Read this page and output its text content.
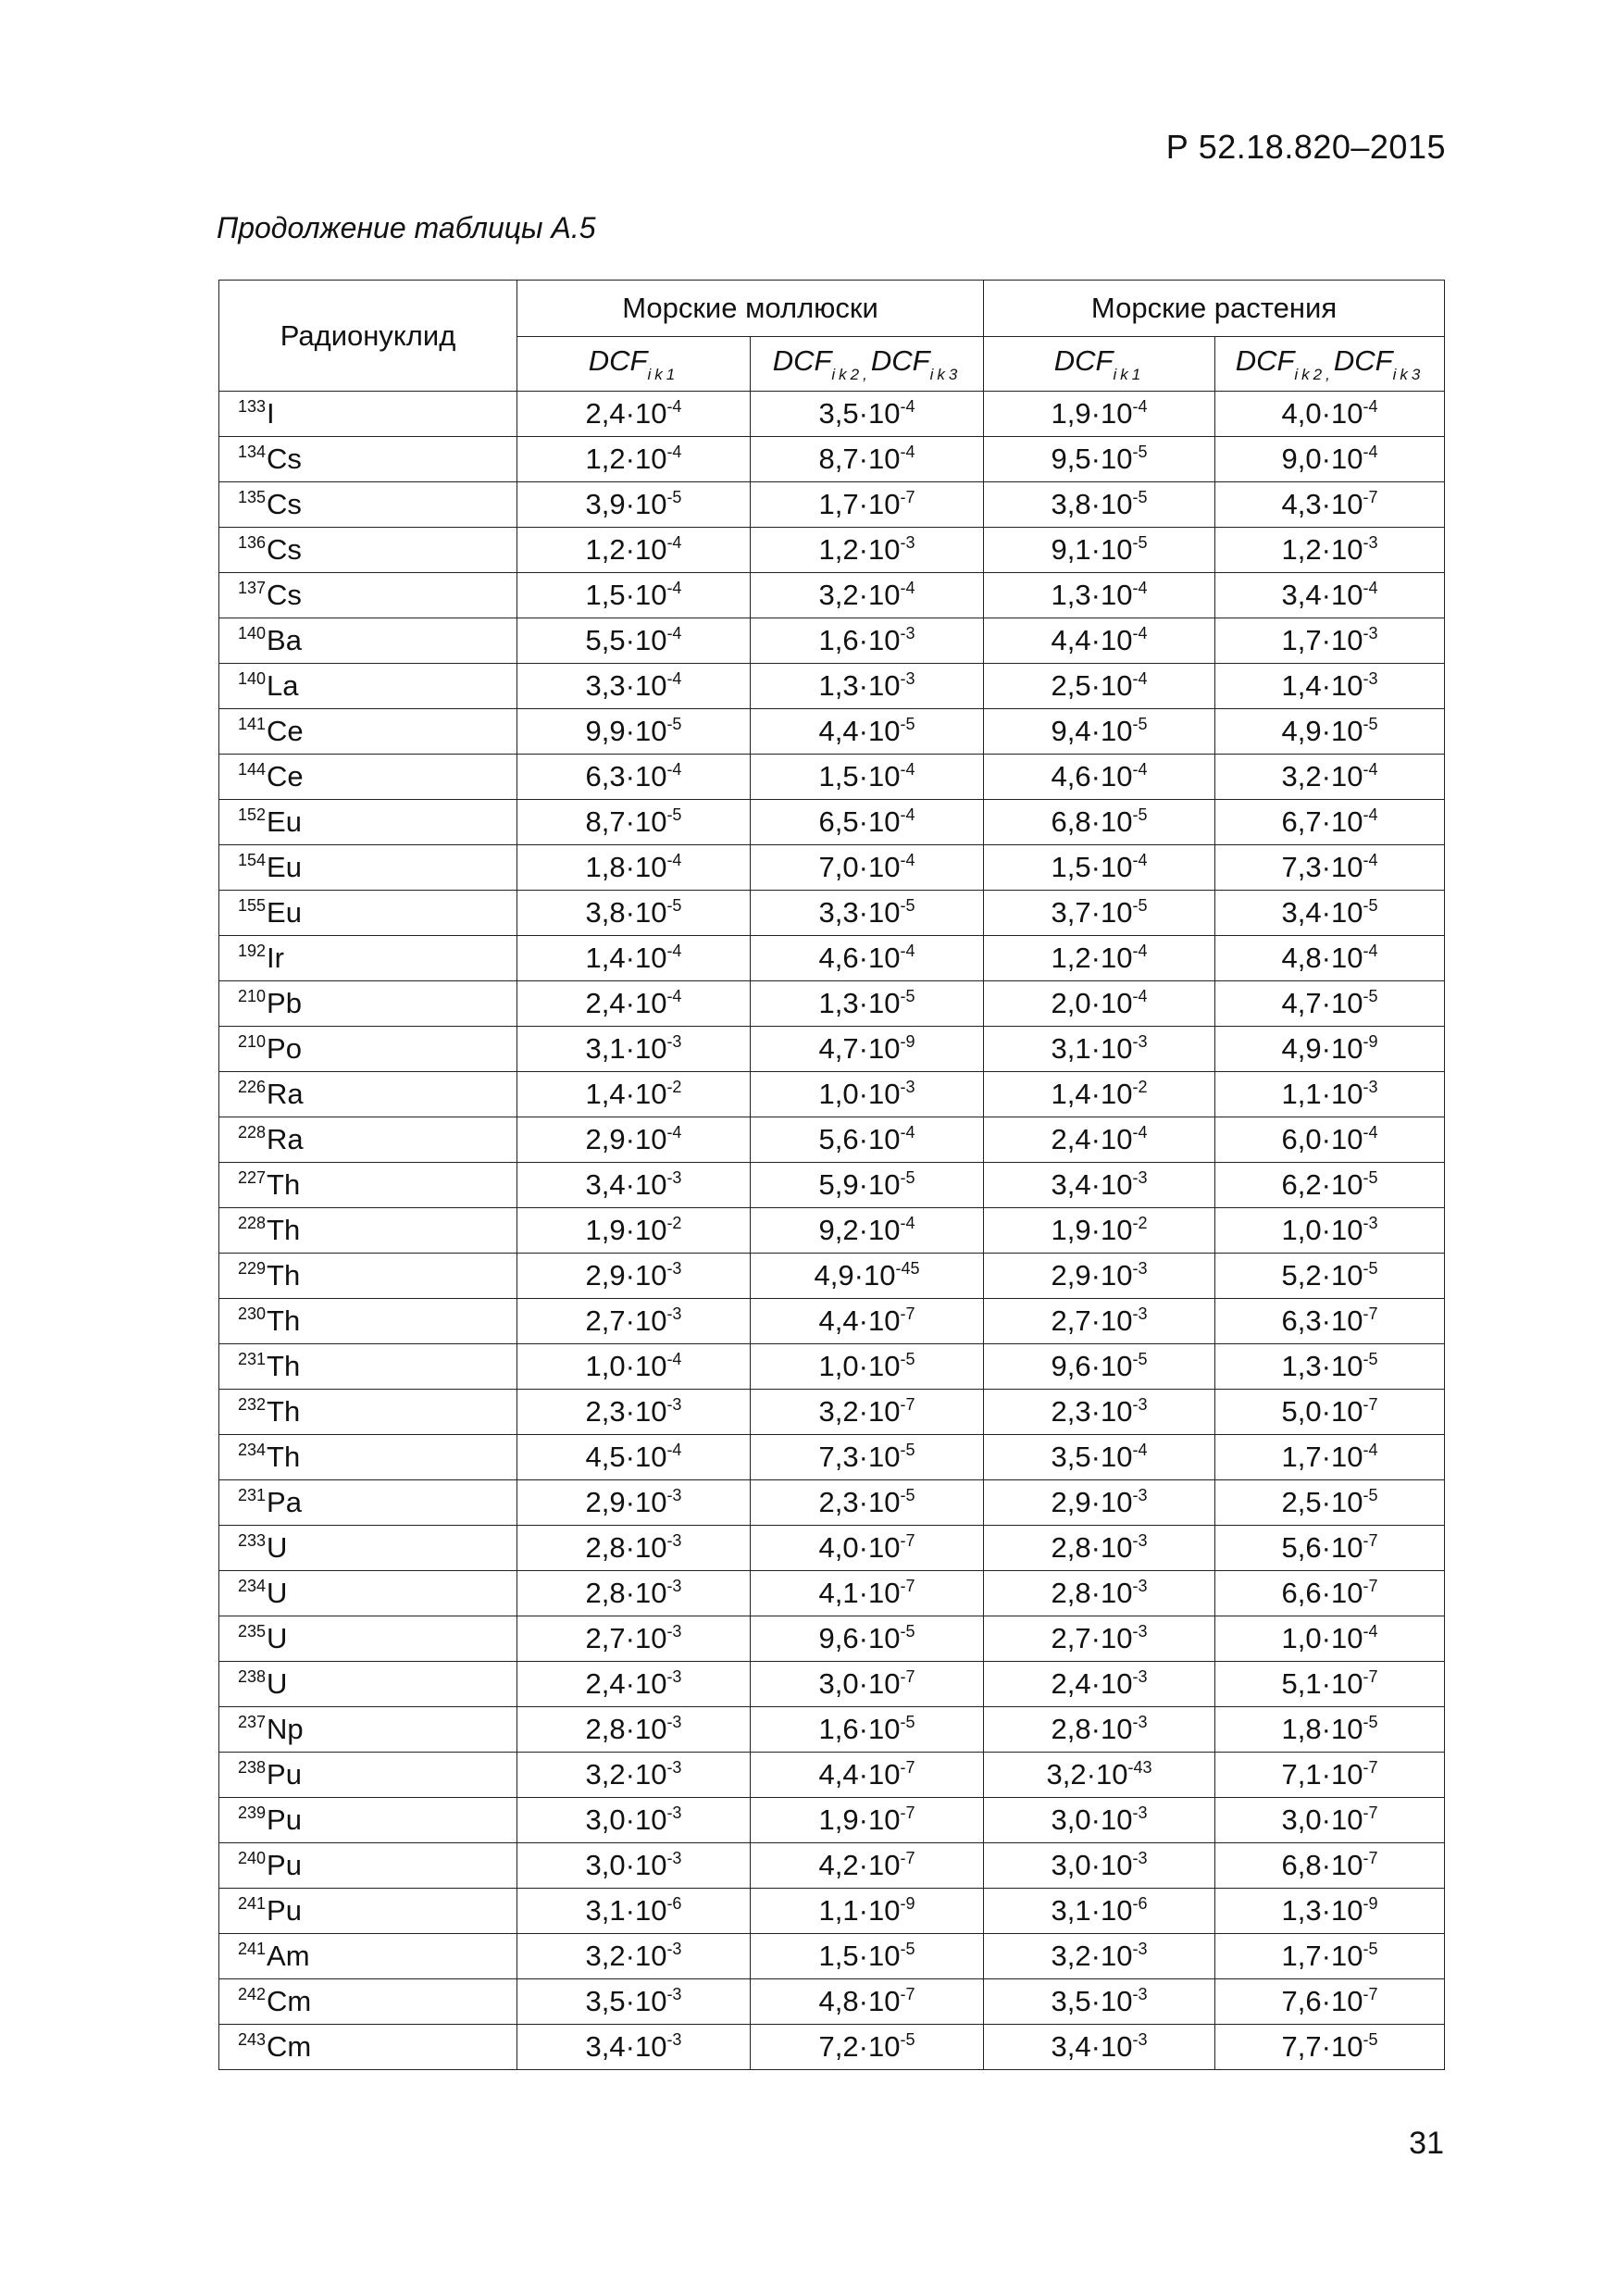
Р 52.18.820–2015
Продолжение таблицы А.5
Радионуклид	Морские моллюски		Морские растения	
	$DCF_{ik1}$	$DCF_{ik2,}DCF_{ik3}$	$DCF_{ik1}$	$DCF_{ik2,}DCF_{ik3}$
$^{133}$I	$2,4\cdot 10^{-4}$	$3,5\cdot 10^{-4}$	$1,9\cdot 10^{-4}$	$4,0\cdot 10^{-4}$
$^{134}$Cs	$1,2\cdot 10^{-4}$	$8,7\cdot 10^{-4}$	$9,5\cdot 10^{-5}$	$9,0\cdot 10^{-4}$
$^{135}$Cs	$3,9\cdot 10^{-5}$	$1,7\cdot 10^{-7}$	$3,8\cdot 10^{-5}$	$4,3\cdot 10^{-7}$
$^{136}$Cs	$1,2\cdot 10^{-4}$	$1,2\cdot 10^{-3}$	$9,1\cdot 10^{-5}$	$1,2\cdot 10^{-3}$
$^{137}$Cs	$1,5\cdot 10^{-4}$	$3,2\cdot 10^{-4}$	$1,3\cdot 10^{-4}$	$3,4\cdot 10^{-4}$
$^{140}$Ba	$5,5\cdot 10^{-4}$	$1,6\cdot 10^{-3}$	$4,4\cdot 10^{-4}$	$1,7\cdot 10^{-3}$
$^{140}$La	$3,3\cdot 10^{-4}$	$1,3\cdot 10^{-3}$	$2,5\cdot 10^{-4}$	$1,4\cdot 10^{-3}$
$^{141}$Ce	$9,9\cdot 10^{-5}$	$4,4\cdot 10^{-5}$	$9,4\cdot 10^{-5}$	$4,9\cdot 10^{-5}$
$^{144}$Ce	$6,3\cdot 10^{-4}$	$1,5\cdot 10^{-4}$	$4,6\cdot 10^{-4}$	$3,2\cdot 10^{-4}$
$^{152}$Eu	$8,7\cdot 10^{-5}$	$6,5\cdot 10^{-4}$	$6,8\cdot 10^{-5}$	$6,7\cdot 10^{-4}$
$^{154}$Eu	$1,8\cdot 10^{-4}$	$7,0\cdot 10^{-4}$	$1,5\cdot 10^{-4}$	$7,3\cdot 10^{-4}$
$^{155}$Eu	$3,8\cdot 10^{-5}$	$3,3\cdot 10^{-5}$	$3,7\cdot 10^{-5}$	$3,4\cdot 10^{-5}$
$^{192}$Ir	$1,4\cdot 10^{-4}$	$4,6\cdot 10^{-4}$	$1,2\cdot 10^{-4}$	$4,8\cdot 10^{-4}$
$^{210}$Pb	$2,4\cdot 10^{-4}$	$1,3\cdot 10^{-5}$	$2,0\cdot 10^{-4}$	$4,7\cdot 10^{-5}$
$^{210}$Po	$3,1\cdot 10^{-3}$	$4,7\cdot 10^{-9}$	$3,1\cdot 10^{-3}$	$4,9\cdot 10^{-9}$
$^{226}$Ra	$1,4\cdot 10^{-2}$	$1,0\cdot 10^{-3}$	$1,4\cdot 10^{-2}$	$1,1\cdot 10^{-3}$
$^{228}$Ra	$2,9\cdot 10^{-4}$	$5,6\cdot 10^{-4}$	$2,4\cdot 10^{-4}$	$6,0\cdot 10^{-4}$
$^{227}$Th	$3,4\cdot 10^{-3}$	$5,9\cdot 10^{-5}$	$3,4\cdot 10^{-3}$	$6,2\cdot 10^{-5}$
$^{228}$Th	$1,9\cdot 10^{-2}$	$9,2\cdot 10^{-4}$	$1,9\cdot 10^{-2}$	$1,0\cdot 10^{-3}$
$^{229}$Th	$2,9\cdot 10^{-3}$	$4,9\cdot 10^{-45}$	$2,9\cdot 10^{-3}$	$5,2\cdot 10^{-5}$
$^{230}$Th	$2,7\cdot 10^{-3}$	$4,4\cdot 10^{-7}$	$2,7\cdot 10^{-3}$	$6,3\cdot 10^{-7}$
$^{231}$Th	$1,0\cdot 10^{-4}$	$1,0\cdot 10^{-5}$	$9,6\cdot 10^{-5}$	$1,3\cdot 10^{-5}$
$^{232}$Th	$2,3\cdot 10^{-3}$	$3,2\cdot 10^{-7}$	$2,3\cdot 10^{-3}$	$5,0\cdot 10^{-7}$
$^{234}$Th	$4,5\cdot 10^{-4}$	$7,3\cdot 10^{-5}$	$3,5\cdot 10^{-4}$	$1,7\cdot 10^{-4}$
$^{231}$Pa	$2,9\cdot 10^{-3}$	$2,3\cdot 10^{-5}$	$2,9\cdot 10^{-3}$	$2,5\cdot 10^{-5}$
$^{233}$U	$2,8\cdot 10^{-3}$	$4,0\cdot 10^{-7}$	$2,8\cdot 10^{-3}$	$5,6\cdot 10^{-7}$
$^{234}$U	$2,8\cdot 10^{-3}$	$4,1\cdot 10^{-7}$	$2,8\cdot 10^{-3}$	$6,6\cdot 10^{-7}$
$^{235}$U	$2,7\cdot 10^{-3}$	$9,6\cdot 10^{-5}$	$2,7\cdot 10^{-3}$	$1,0\cdot 10^{-4}$
$^{238}$U	$2,4\cdot 10^{-3}$	$3,0\cdot 10^{-7}$	$2,4\cdot 10^{-3}$	$5,1\cdot 10^{-7}$
$^{237}$Np	$2,8\cdot 10^{-3}$	$1,6\cdot 10^{-5}$	$2,8\cdot 10^{-3}$	$1,8\cdot 10^{-5}$
$^{238}$Pu	$3,2\cdot 10^{-3}$	$4,4\cdot 10^{-7}$	$3,2\cdot 10^{-43}$	$7,1\cdot 10^{-7}$
$^{239}$Pu	$3,0\cdot 10^{-3}$	$1,9\cdot 10^{-7}$	$3,0\cdot 10^{-3}$	$3,0\cdot 10^{-7}$
$^{240}$Pu	$3,0\cdot 10^{-3}$	$4,2\cdot 10^{-7}$	$3,0\cdot 10^{-3}$	$6,8\cdot 10^{-7}$
$^{241}$Pu	$3,1\cdot 10^{-6}$	$1,1\cdot 10^{-9}$	$3,1\cdot 10^{-6}$	$1,3\cdot 10^{-9}$
$^{241}$Am	$3,2\cdot 10^{-3}$	$1,5\cdot 10^{-5}$	$3,2\cdot 10^{-3}$	$1,7\cdot 10^{-5}$
$^{242}$Cm	$3,5\cdot 10^{-3}$	$4,8\cdot 10^{-7}$	$3,5\cdot 10^{-3}$	$7,6\cdot 10^{-7}$
$^{243}$Cm	$3,4\cdot 10^{-3}$	$7,2\cdot 10^{-5}$	$3,4\cdot 10^{-3}$	$7,7\cdot 10^{-5}$
31
